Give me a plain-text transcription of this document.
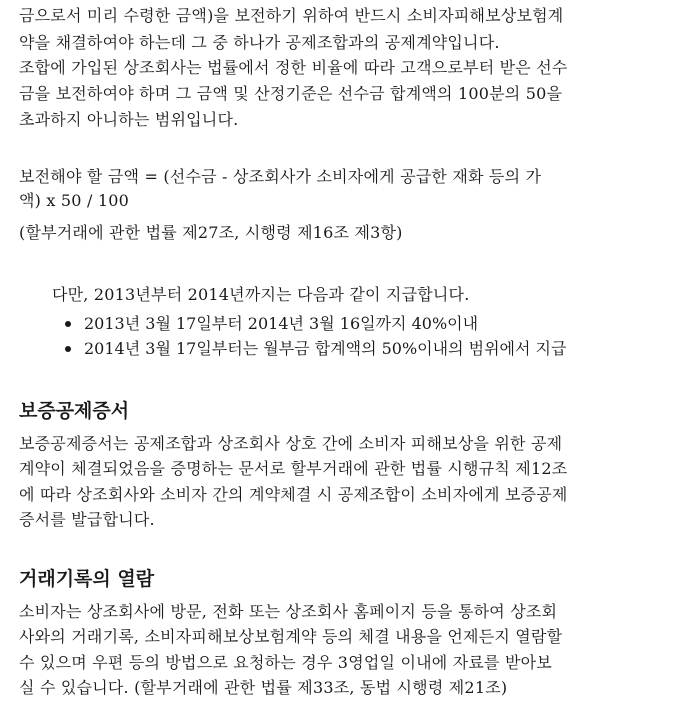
금으로서 미리 수령한 금액)을 보전하기 위하여 반드시 소비자피해보상보험계
약을 채결하여야 하는데 그 중 하나가 공제조합과의 공제계약입니다.
조합에 가입된 상조회사는 법률에서 정한 비율에 따라 고객으로부터 받은 선수
금을 보전하여야 하며 그 금액 및 산정기준은 선수금 합계액의 100분의 50을
초과하지 아니하는 범위입니다.
보전해야 할 금액 = (선수금 - 상조회사가 소비자에게 공급한 재화 등의 가
액) x 50 / 100
(할부거래에 관한 법률 제27조, 시행령 제16조 제3항)
다만, 2013년부터 2014년까지는 다음과 같이 지급합니다.
2013년 3월 17일부터 2014년 3월 16일까지 40%이내
2014년 3월 17일부터는 월부금 합계액의 50%이내의 범위에서 지급
보증공제증서
보증공제증서는 공제조합과 상조회사 상호 간에 소비자 피해보상을 위한 공제
계약이 체결되었음을 증명하는 문서로 할부거래에 관한 법률 시행규칙 제12조
에 따라 상조회사와 소비자 간의 계약체결 시 공제조합이 소비자에게 보증공제
증서를 발급합니다.
거래기록의 열람
소비자는 상조회사에 방문, 전화 또는 상조회사 홈페이지 등을 통하여 상조회
사와의 거래기록, 소비자피해보상보험계약 등의 체결 내용을 언제든지 열람할
수 있으며 우편 등의 방법으로 요청하는 경우 3영업일 이내에 자료를 받아보
실 수 있습니다. (할부거래에 관한 법률 제33조, 동법 시행령 제21조)
